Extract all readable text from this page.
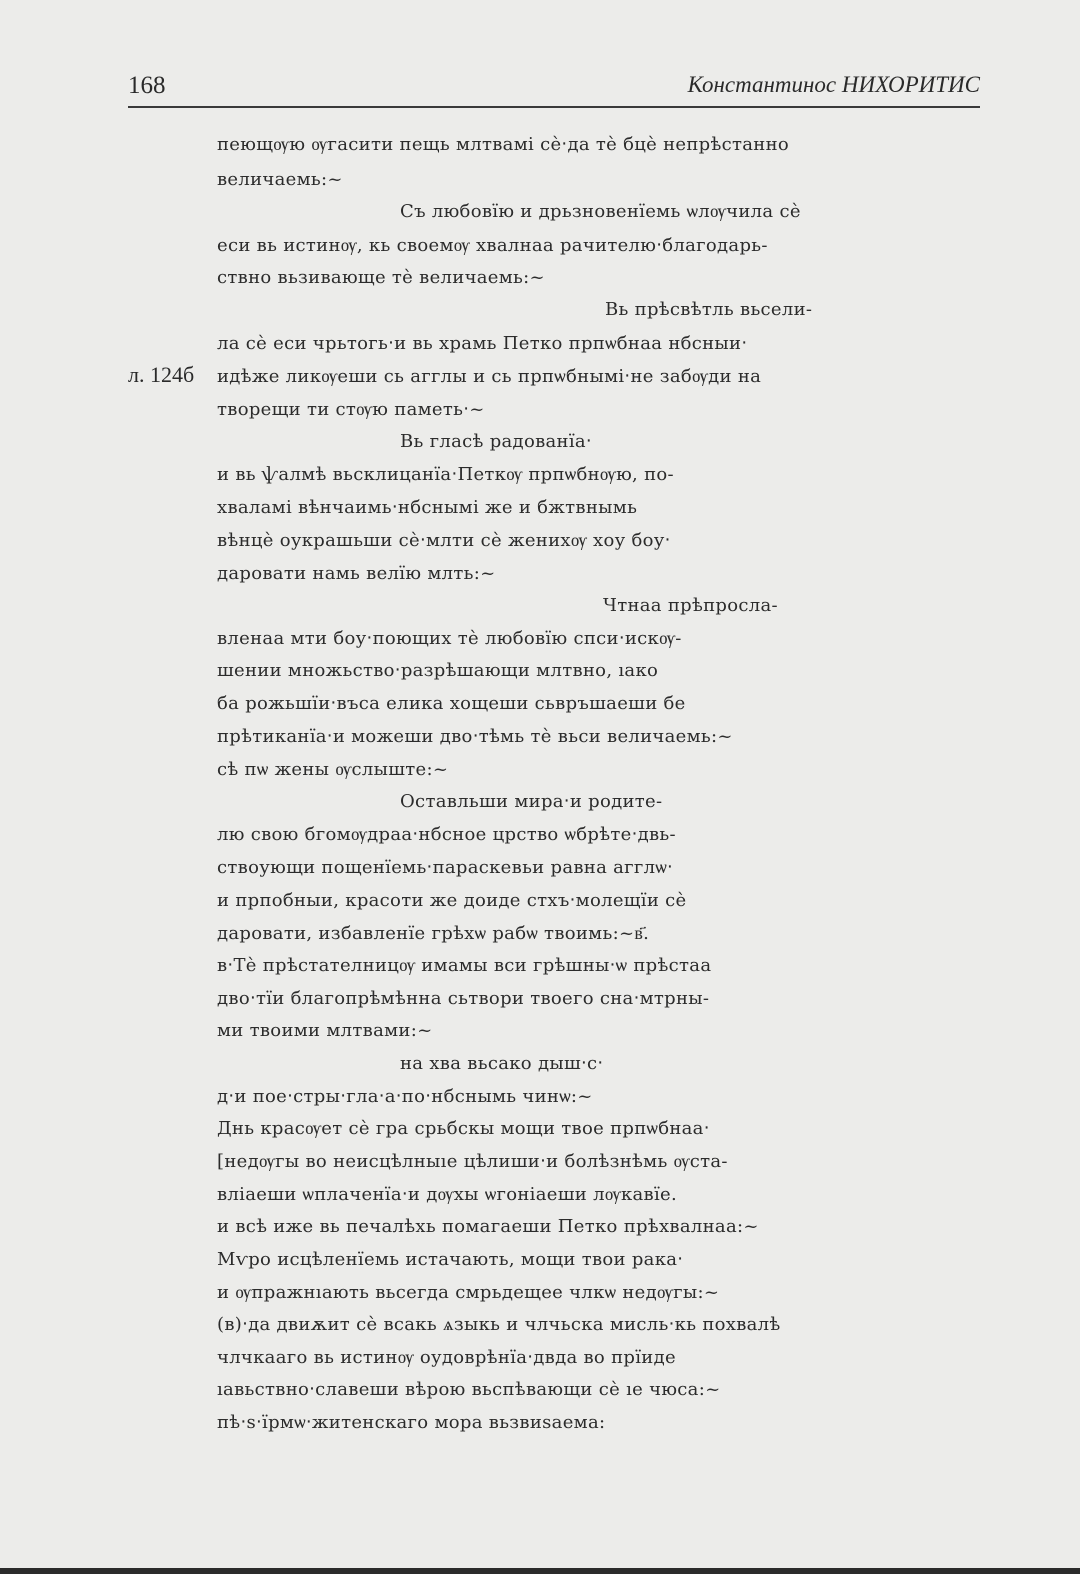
168	Константинос НИХОРИТИС
л. 124б
пеющѹю ѹгасити пещь млтвамі сѐ‧да тѐ бцѐ непрѣстанно
величаемь:~
Съ любовїю и дрьзновенїемь ѡлѹчила сѐ
еси вь истинѹ, кь своемѹ хвалнаа рачителю‧благодарь-
ствно вьзивающе тѐ величаемь:~
Вь прѣсвѣтль вьсели-
ла сѐ еси чрьтогь‧и вь храмь Петко прпѡбнаа нбсныи‧
идѣже ликѹеши сь агглы и сь прпѡбнымі‧не забѹди на
творещи ти стѹю паметь‧~
Вь гласѣ радованїа‧
и вь ѱалмѣ вьсклицанїа‧Петкѹ прпѡбнѹю, по-
хваламі вѣнчаимь‧нбснымі же и бжтвнымь
вѣнцѐ оукрашьши сѐ‧млти сѐ жениxѹ хоу боу‧
даровати намь велїю млть:~
Чтнаа прѣпросла-
вленаа мти боу‧поющиx тѐ любовїю спси‧искѹ-
шении множьство‧разрѣшающи млтвно, ıако
ба рожьшїи‧въса елика хощеши сьвръшаеши бе
прѣтиканїа‧и можеши дво‧тѣмь тѐ вьси величаемь:~
сѣ пѡ жены ѹслыште:~
Оставльши мира‧и родите-
лю свою бгомѹдраа‧нбсное црство ѡбрѣте‧двь-
ствоующи пощенїемь‧параскевьи равна агглѡ‧
и прпобныи, красоти же доиде стхъ‧молещїи сѐ
даровати, избавленїе грѣхѡ рабѡ твоимь:~в҃.
в‧Тѐ прѣстателницѹ имамы вси грѣшны‧ѡ прѣстаа
дво‧тїи благопрѣмѣнна сьтвори твоего сна‧мтрны-
ми твоими млтвами:~
на хва вьсако дыш‧с‧
д‧и пое‧стры‧гла‧а‧по‧нбснымь чинѡ:~
Днь красѹет сѐ гра срьбскы мощи твое прпѡбнаа‧
[недѹгы во неисцѣлныıе цѣлиши‧и болѣзнѣмь ѹста-
вліаеши ѡплаченїа‧и дѹхы ѡгоніаеши лѹкавїе.
и всѣ иже вь печалѣxь помагаеши Петко прѣxвалнаа:~
Мѵро исцѣленїемь истачають, мощи твои рака‧
и ѹпражнıають вьсегда смрьдещее члкѡ недѹгы:~
(в)‧да двиѫит сѐ всакь ѧзыкь и члчьска мисль‧кь поxвалѣ
члчкааго вь истинѹ оудоврѣнїа‧двда во прїиде
ıавьствно‧славеши вѣрою вьспѣвающи сѐ ıе чюса:~
пѣ‧ѕ‧їрмѡ‧житенскаго мора вьзвиѕаема:
